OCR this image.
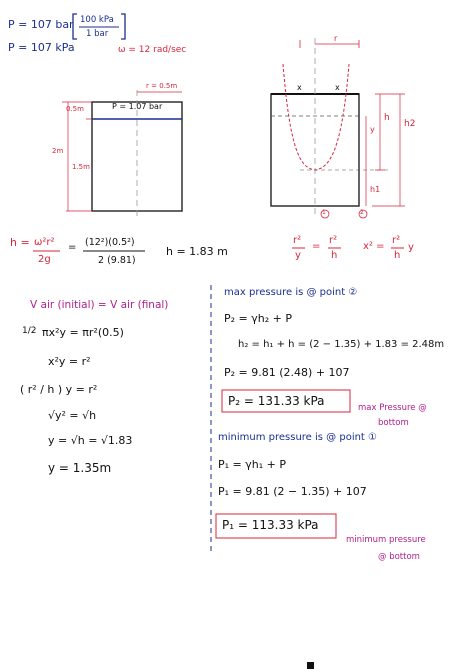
P = 107 bar 100 kPa
1 bar
P = 107 kPa	ω = 12 rad/sec
r = 0.5m
0.5m	P = 1.07 bar
2m
1.5m
r
x	x
h
h2
y
h1
1	2
h = ω²r²
2g
= (12²)(0.5²)
2 (9.81)
h = 1.83 m
r²
y
=
r²
h
x² =
r²
h
y
V air (initial) = V air (final)
1/2 πx²y = πr²(0.5)
x²y = r²
( r² / h ) y = r²
√y² = √h
y = √h = √1.83
y = 1.35m
max pressure is @ point ②
P₂ = γh₂ + P
h₂ = h₁ + h = (2 − 1.35) + 1.83 = 2.48m
P₂ = 9.81 (2.48) + 107
P₂ = 131.33 kPa	max Pressure @
bottom
minimum pressure is @ point ①
P₁ = γh₁ + P
P₁ = 9.81 (2 − 1.35) + 107
P₁ = 113.33 kPa
minimum pressure
@ bottom
